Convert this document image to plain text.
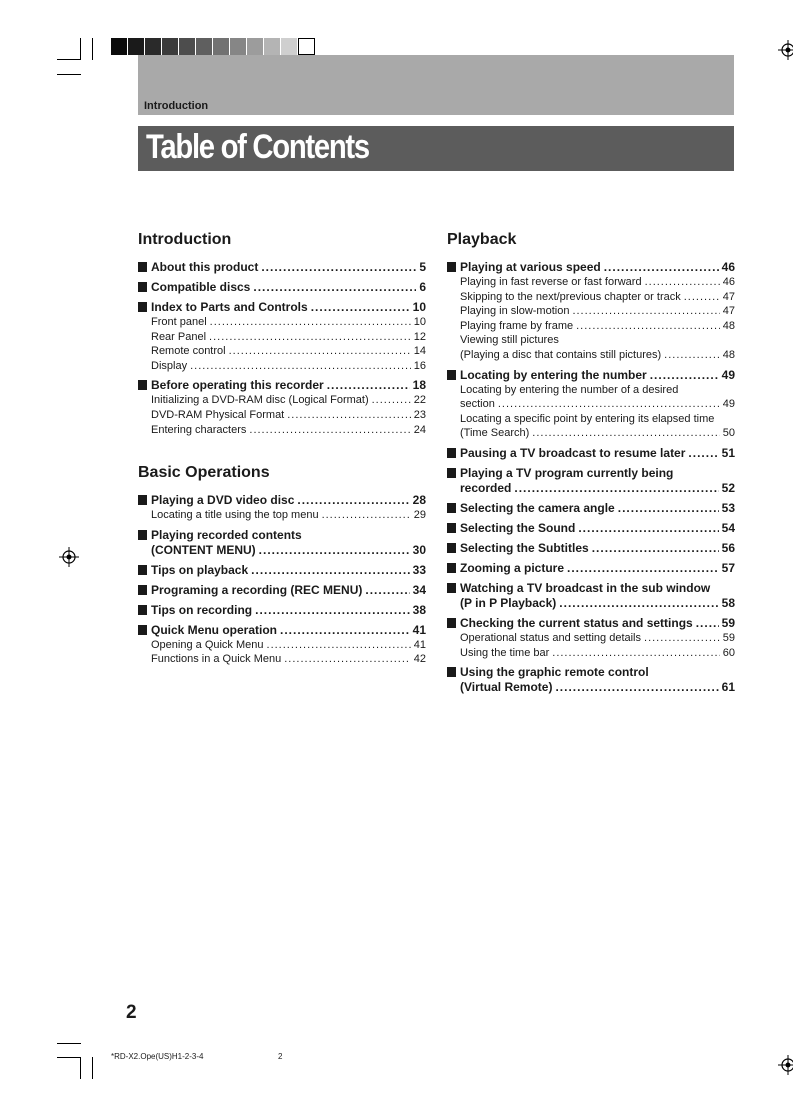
Introduction
Table of Contents
Introduction
About this product .....	5
Compatible discs .....	6
Index to Parts and Controls .....	10
Front panel .....	10
Rear Panel .....	12
Remote control .....	14
Display .....	16
Before operating this recorder .....	18
Initializing a DVD-RAM disc (Logical Format) .....	22
DVD-RAM Physical Format .....	23
Entering characters .....	24
Basic Operations
Playing a DVD video disc .....	28
Locating a title using the top menu .....	29
Playing recorded contents
(CONTENT MENU) .....	30
Tips on playback .....	33
Programing a recording (REC MENU) .....	34
Tips on recording .....	38
Quick Menu operation .....	41
Opening a Quick Menu .....	41
Functions in a Quick Menu .....	42
Playback
Playing at various speed .....	46
Playing in fast reverse or fast forward .....	46
Skipping to the next/previous chapter or track .....	47
Playing in slow-motion .....	47
Playing frame by frame .....	48
Viewing still pictures
(Playing a disc that contains still pictures) .....	48
Locating by entering the number .....	49
Locating by entering the number of a desired
section .....	49
Locating a specific point by entering its elapsed time
(Time Search) .....	50
Pausing a TV broadcast to resume later .....	51
Playing a TV program currently being
recorded .....	52
Selecting the camera angle .....	53
Selecting the Sound .....	54
Selecting the Subtitles .....	56
Zooming a picture .....	57
Watching a TV broadcast in the sub window
(P in P Playback) .....	58
Checking the current status and settings ..... 59
Operational status and setting details .....	59
Using the time bar .....	60
Using the graphic remote control
(Virtual Remote) .....	61
2
*RD-X2.Ope(US)H1-2-3-4	2
